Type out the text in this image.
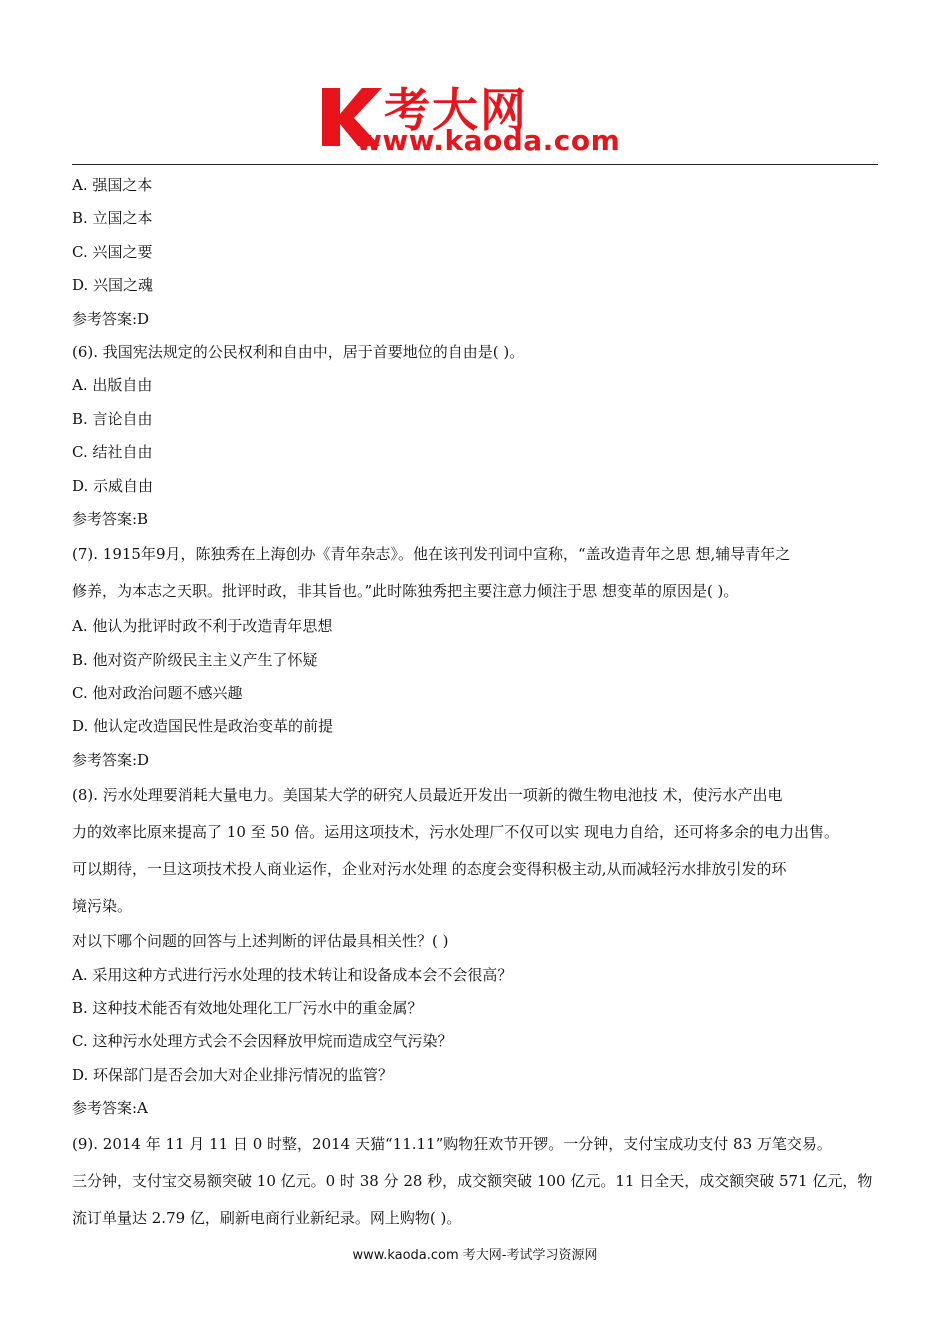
考大网
www.kaoda.com
A. 强国之本
B. 立国之本
C. 兴国之要
D. 兴国之魂
参考答案:D
(6). 我国宪法规定的公民权利和自由中，居于首要地位的自由是( )。
A. 出版自由
B. 言论自由
C. 结社自由
D. 示威自由
参考答案:B
(7). 1915年9月，陈独秀在上海创办《青年杂志》。他在该刊发刊词中宣称，“盖改造青年之思 想,辅导青年之
修养，为本志之天职。批评时政，非其旨也。”此时陈独秀把主要注意力倾注于思 想变革的原因是( )。
A. 他认为批评时政不利于改造青年思想
B. 他对资产阶级民主主义产生了怀疑
C. 他对政治问题不感兴趣
D. 他认定改造国民性是政治变革的前提
参考答案:D
(8). 污水处理要消耗大量电力。美国某大学的研究人员最近开发出一项新的微生物电池技 术，使污水产出电
力的效率比原来提高了 10 至 50 倍。运用这项技术，污水处理厂不仅可以实 现电力自给，还可将多余的电力出售。
可以期待，一旦这项技术投人商业运作，企业对污水处理 的态度会变得积极主动,从而减轻污水排放引发的环
境污染。
对以下哪个问题的回答与上述判断的评估最具相关性？( )
A. 采用这种方式进行污水处理的技术转让和设备成本会不会很高？
B. 这种技术能否有效地处理化工厂污水中的重金属？
C. 这种污水处理方式会不会因释放甲烷而造成空气污染？
D. 环保部门是否会加大对企业排污情况的监管？
参考答案:A
(9). 2014 年 11 月 11 日 0 时整，2014 天猫“11.11”购物狂欢节开锣。一分钟，支付宝成功支付 83 万笔交易。
三分钟，支付宝交易额突破 10 亿元。0 时 38 分 28 秒，成交额突破 100 亿元。11 日全天，成交额突破 571 亿元，物
流订单量达 2.79 亿，刷新电商行业新纪录。网上购物( )。
www.kaoda.com 考大网-考试学习资源网
